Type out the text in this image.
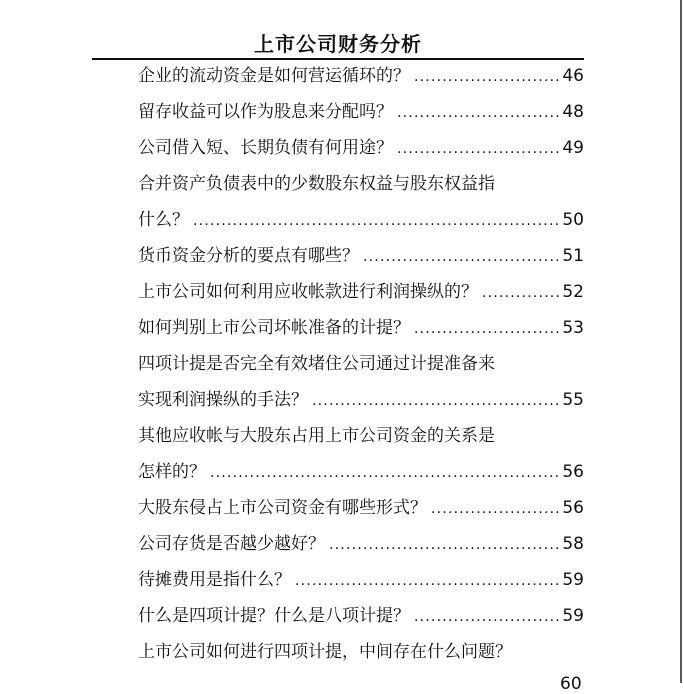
上市公司财务分析
企业的流动资金是如何营运循环的？ .....	46
留存收益可以作为股息来分配吗？ .....	48
公司借入短、长期负债有何用途？ .....	49
合并资产负债表中的少数股东权益与股东权益指
什么？ .....	50
货币资金分析的要点有哪些？ .....	51
上市公司如何利用应收帐款进行利润操纵的？ .....	52
如何判别上市公司坏帐准备的计提？ .....	53
四项计提是否完全有效堵住公司通过计提准备来
实现利润操纵的手法？ .....	55
其他应收帐与大股东占用上市公司资金的关系是
怎样的？ .....	56
大股东侵占上市公司资金有哪些形式？ .....	56
公司存货是否越少越好？ .....	58
待摊费用是指什么？ .....	59
什么是四项计提？什么是八项计提？ .....	59
上市公司如何进行四项计提，中间存在什么问题？
60
